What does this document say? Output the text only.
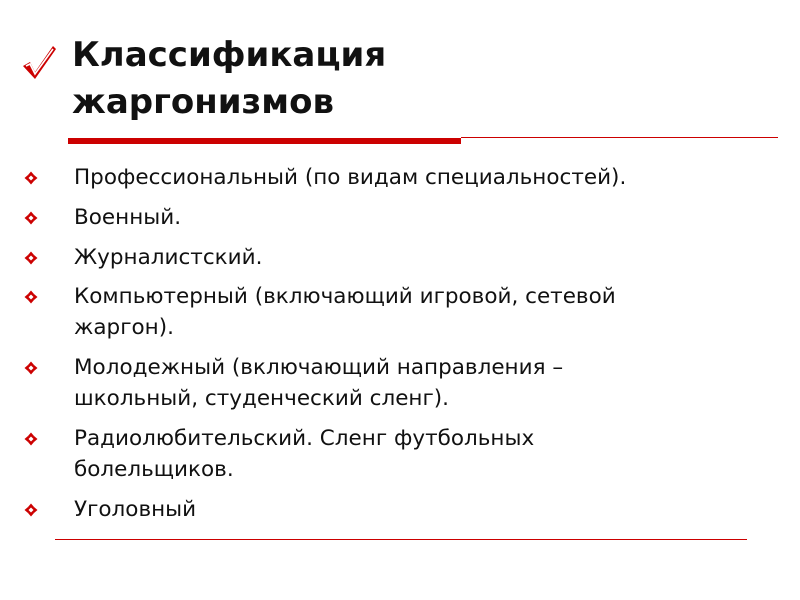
Классификация
жаргонизмов
Профессиональный (по видам специальностей).
Военный.
Журналистский.
Компьютерный (включающий игровой, сетевой
жаргон).
Молодежный (включающий направления –
школьный, студенческий сленг).
Радиолюбительский. Сленг футбольных
болельщиков.
Уголовный
